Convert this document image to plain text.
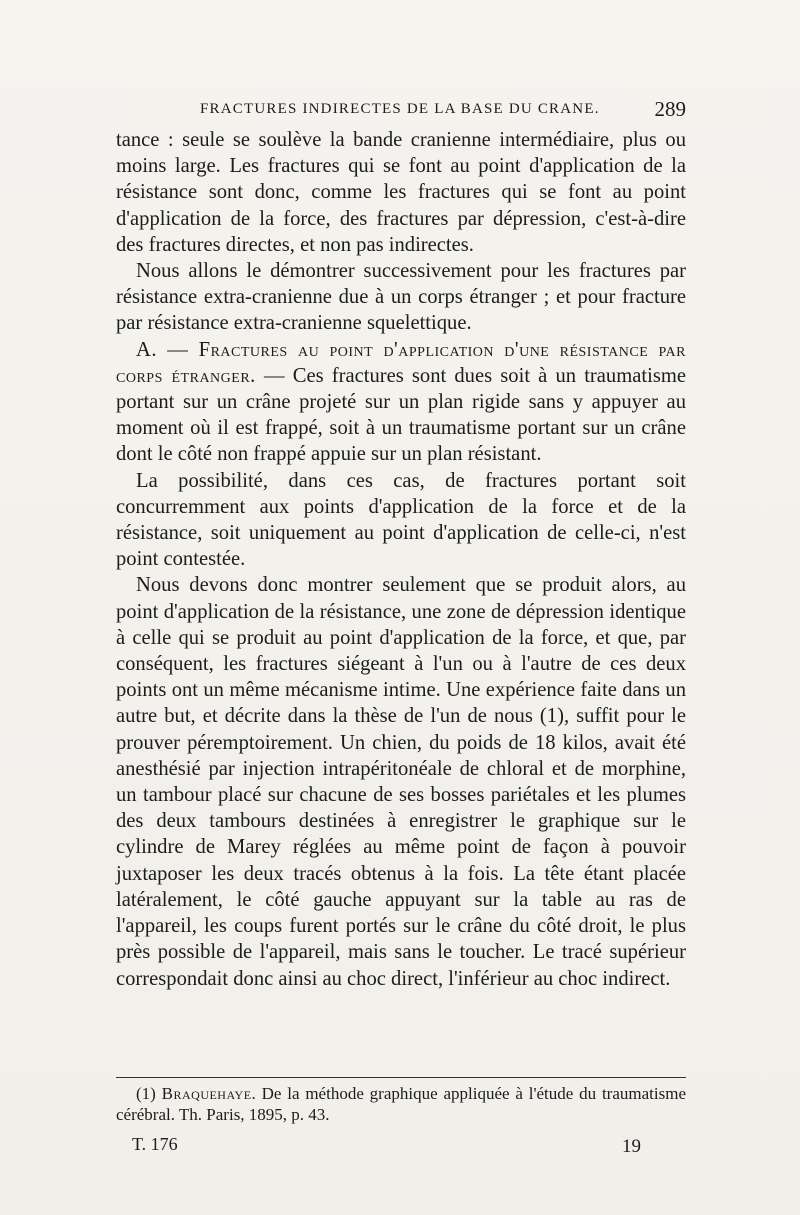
FRACTURES INDIRECTES DE LA BASE DU CRANE.	289

tance : seule se soulève la bande cranienne intermédiaire, plus ou moins large. Les fractures qui se font au point d'application de la résistance sont donc, comme les fractures qui se font au point d'application de la force, des fractures par dépression, c'est-à-dire des fractures directes, et non pas indirectes.

Nous allons le démontrer successivement pour les fractures par résistance extra-cranienne due à un corps étranger ; et pour fracture par résistance extra-cranienne squelettique.

A. — Fractures au point d'application d'une résistance par corps étranger. — Ces fractures sont dues soit à un traumatisme portant sur un crâne projeté sur un plan rigide sans y appuyer au moment où il est frappé, soit à un traumatisme portant sur un crâne dont le côté non frappé appuie sur un plan résistant.

La possibilité, dans ces cas, de fractures portant soit concurremment aux points d'application de la force et de la résistance, soit uniquement au point d'application de celle-ci, n'est point contestée.

Nous devons donc montrer seulement que se produit alors, au point d'application de la résistance, une zone de dépression identique à celle qui se produit au point d'application de la force, et que, par conséquent, les fractures siégeant à l'un ou à l'autre de ces deux points ont un même mécanisme intime. Une expérience faite dans un autre but, et décrite dans la thèse de l'un de nous (1), suffit pour le prouver péremptoirement. Un chien, du poids de 18 kilos, avait été anesthésié par injection intrapéritonéale de chloral et de morphine, un tambour placé sur chacune de ses bosses pariétales et les plumes des deux tambours destinées à enregistrer le graphique sur le cylindre de Marey réglées au même point de façon à pouvoir juxtaposer les deux tracés obtenus à la fois. La tête étant placée latéralement, le côté gauche appuyant sur la table au ras de l'appareil, les coups furent portés sur le crâne du côté droit, le plus près possible de l'appareil, mais sans le toucher. Le tracé supérieur correspondait donc ainsi au choc direct, l'inférieur au choc indirect.

(1) Braquehaye. De la méthode graphique appliquée à l'étude du traumatisme cérébral. Th. Paris, 1895, p. 43.

T. 176	19
